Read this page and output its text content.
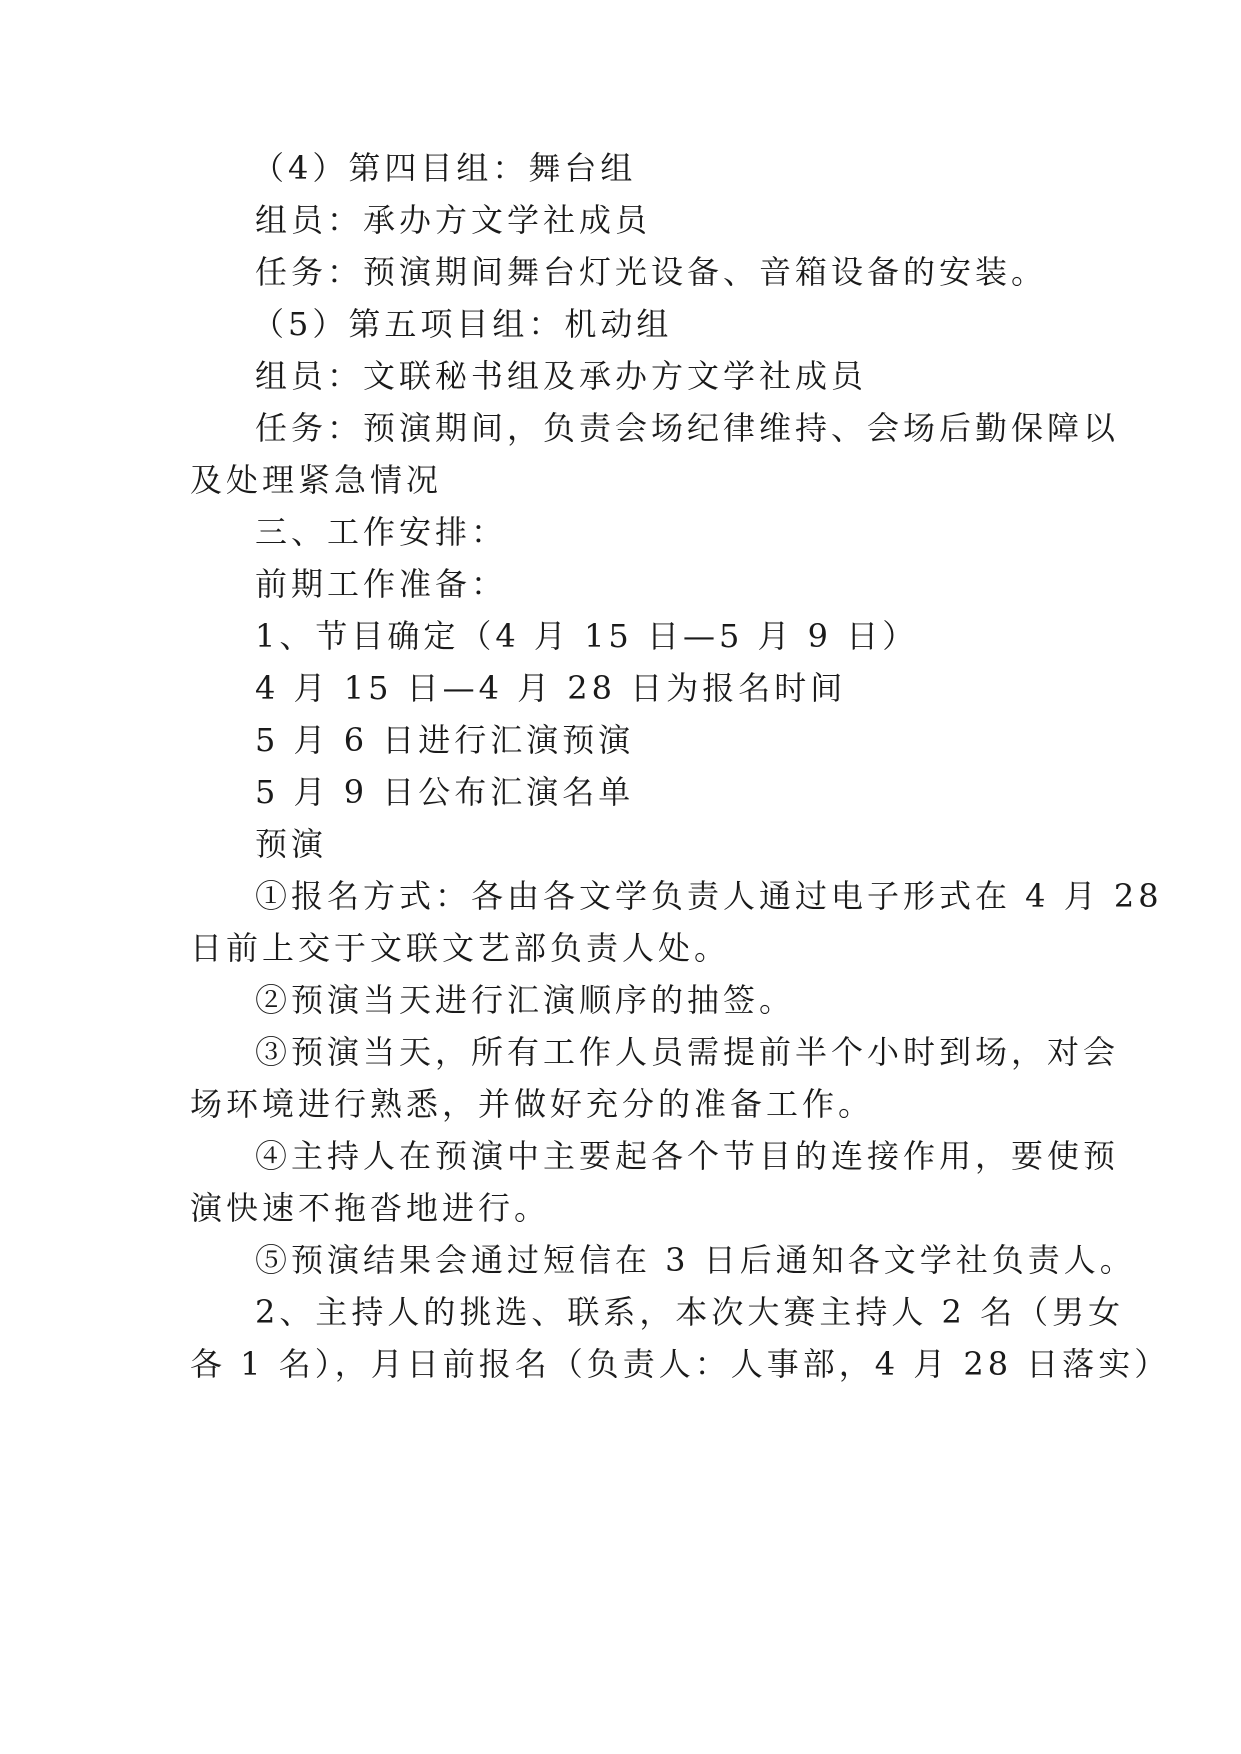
（4）第四目组：舞台组
组员：承办方文学社成员
任务：预演期间舞台灯光设备、音箱设备的安装。
（5）第五项目组：机动组
组员：文联秘书组及承办方文学社成员
任务：预演期间，负责会场纪律维持、会场后勤保障以
及处理紧急情况
三、工作安排：
前期工作准备：
1、节目确定（4 月 15 日—5 月 9 日）
4 月 15 日—4 月 28 日为报名时间
5 月 6 日进行汇演预演
5 月 9 日公布汇演名单
预演
①报名方式：各由各文学负责人通过电子形式在 4 月 28
日前上交于文联文艺部负责人处。
②预演当天进行汇演顺序的抽签。
③预演当天，所有工作人员需提前半个小时到场，对会
场环境进行熟悉，并做好充分的准备工作。
④主持人在预演中主要起各个节目的连接作用，要使预
演快速不拖沓地进行。
⑤预演结果会通过短信在 3 日后通知各文学社负责人。
2、主持人的挑选、联系，本次大赛主持人 2 名（男女
各 1 名），月日前报名（负责人：人事部，4 月 28 日落实）
